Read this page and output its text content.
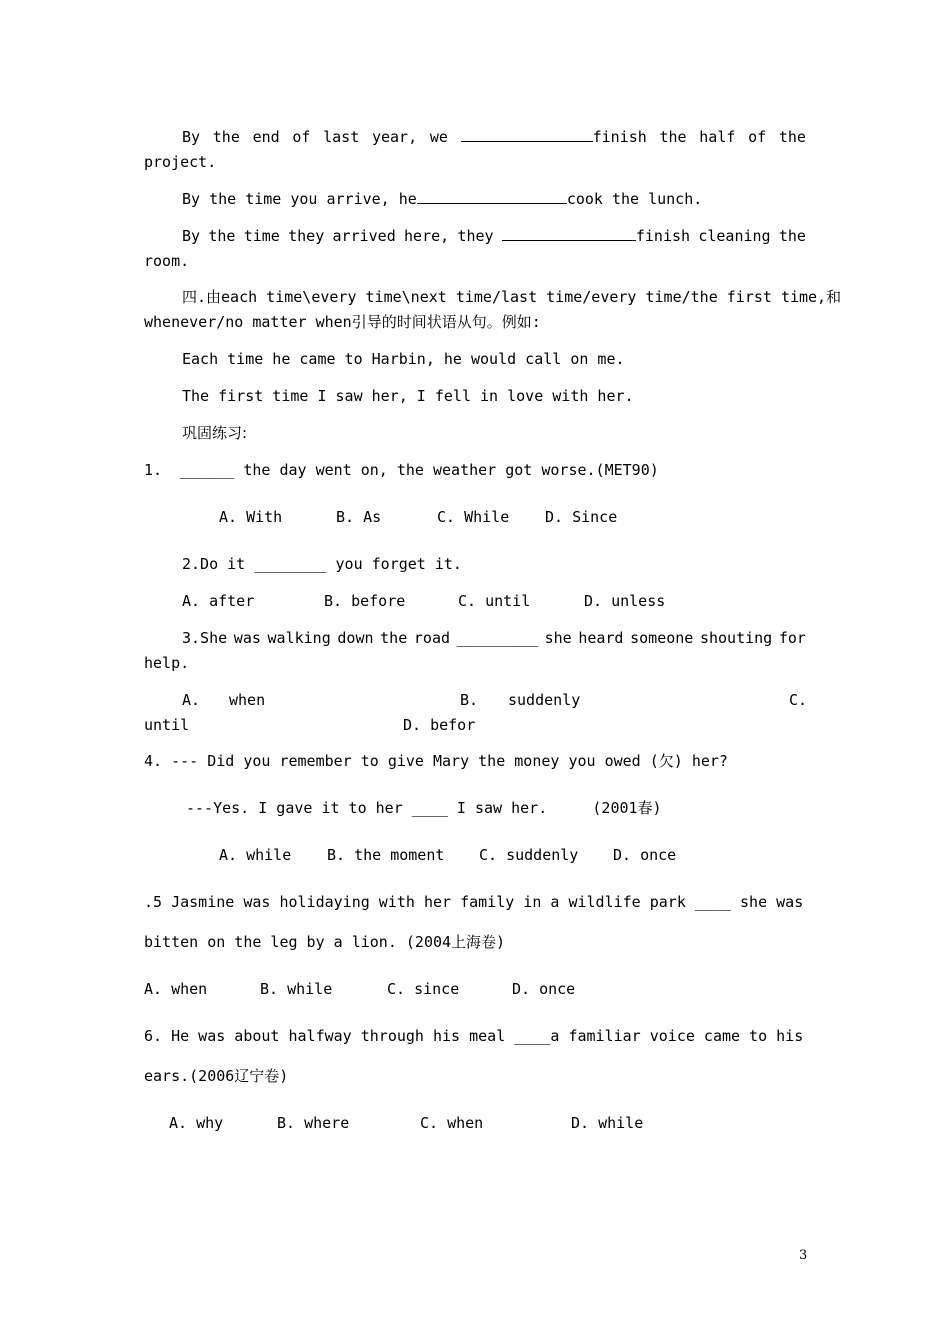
By the end of last year, we	finish the half of the
project.
By the time you arrive, he	cook the lunch.
By the time they arrived here, they	finish cleaning the
room.
四.由each time\every time\next time/last time/every time/the first time,和
whenever/no matter when引导的时间状语从句。例如:
Each time he came to Harbin, he would call on me.
The first time I saw her, I fell in love with her.
巩固练习:
1. ______ the day went on, the weather got worse.(MET90)
A. With	B. As	C. While D. Since
2.Do it ________ you forget it.
A. after	B. before	C. until	D. unless
3.She was walking down the road _________ she heard someone shouting for
help.
A. when	B. suddenly	C.
until	D. befor
4. --- Did you remember to give Mary the money you owed (欠) her?
---Yes. I gave it to her ____ I saw her.     (2001春)
A. while B. the moment C. suddenly D. once
.5 Jasmine was holidaying with her family in a wildlife park ____ she was
bitten on the leg by a lion. (2004上海卷)
A. when	B. while	C. since	D. once
6. He was about halfway through his meal ____a familiar voice came to his
ears.(2006辽宁卷)
A. why	B. where	C. when	D. while
3
